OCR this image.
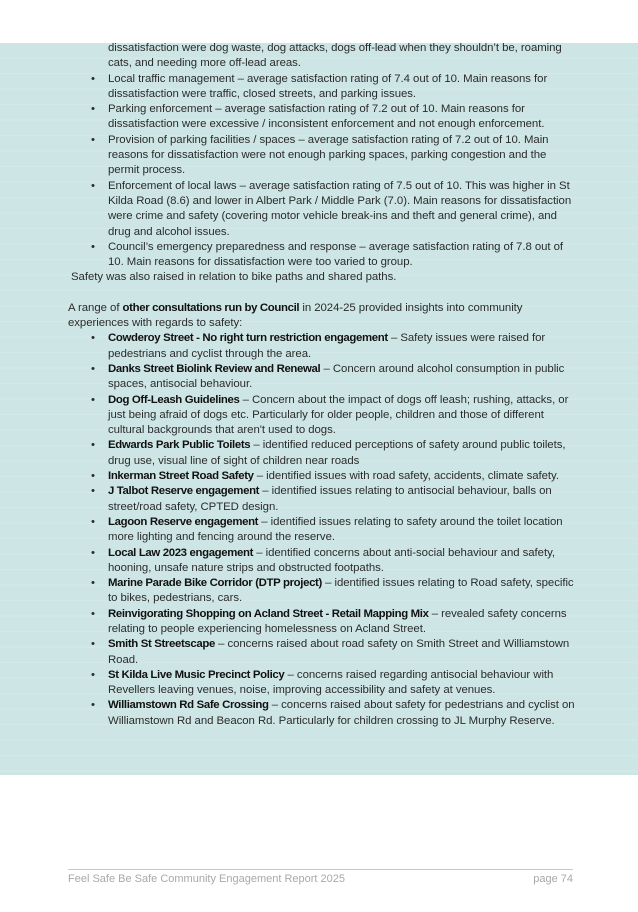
dissatisfaction were dog waste, dog attacks, dogs off-lead when they shouldn’t be, roaming cats, and needing more off-lead areas.
• Local traffic management – average satisfaction rating of 7.4 out of 10. Main reasons for dissatisfaction were traffic, closed streets, and parking issues.
• Parking enforcement – average satisfaction rating of 7.2 out of 10. Main reasons for dissatisfaction were excessive / inconsistent enforcement and not enough enforcement.
• Provision of parking facilities / spaces – average satisfaction rating of 7.2 out of 10. Main reasons for dissatisfaction were not enough parking spaces, parking congestion and the permit process.
• Enforcement of local laws – average satisfaction rating of 7.5 out of 10. This was higher in St Kilda Road (8.6) and lower in Albert Park / Middle Park (7.0). Main reasons for dissatisfaction were crime and safety (covering motor vehicle break-ins and theft and general crime), and drug and alcohol issues.
• Council’s emergency preparedness and response – average satisfaction rating of 7.8 out of 10. Main reasons for dissatisfaction were too varied to group.
Safety was also raised in relation to bike paths and shared paths.
A range of other consultations run by Council in 2024-25 provided insights into community experiences with regards to safety:
• Cowderoy Street - No right turn restriction engagement – Safety issues were raised for pedestrians and cyclist through the area.
• Danks Street Biolink Review and Renewal – Concern around alcohol consumption in public spaces, antisocial behaviour.
• Dog Off-Leash Guidelines – Concern about the impact of dogs off leash; rushing, attacks, or just being afraid of dogs etc. Particularly for older people, children and those of different cultural backgrounds that aren't used to dogs.
• Edwards Park Public Toilets – identified reduced perceptions of safety around public toilets, drug use, visual line of sight of children near roads
• Inkerman Street Road Safety – identified issues with road safety, accidents, climate safety.
• J Talbot Reserve engagement – identified issues relating to antisocial behaviour, balls on street/road safety, CPTED design.
• Lagoon Reserve engagement – identified issues relating to safety around the toilet location more lighting and fencing around the reserve.
• Local Law 2023 engagement – identified concerns about anti-social behaviour and safety, hooning, unsafe nature strips and obstructed footpaths.
• Marine Parade Bike Corridor (DTP project) – identified issues relating to Road safety, specific to bikes, pedestrians, cars.
• Reinvigorating Shopping on Acland Street - Retail Mapping Mix – revealed safety concerns relating to people experiencing homelessness on Acland Street.
• Smith St Streetscape – concerns raised about road safety on Smith Street and Williamstown Road.
• St Kilda Live Music Precinct Policy – concerns raised regarding antisocial behaviour with Revellers leaving venues, noise, improving accessibility and safety at venues.
• Williamstown Rd Safe Crossing – concerns raised about safety for pedestrians and cyclist on Williamstown Rd and Beacon Rd. Particularly for children crossing to JL Murphy Reserve.
Feel Safe Be Safe Community Engagement Report 2025	page 74
